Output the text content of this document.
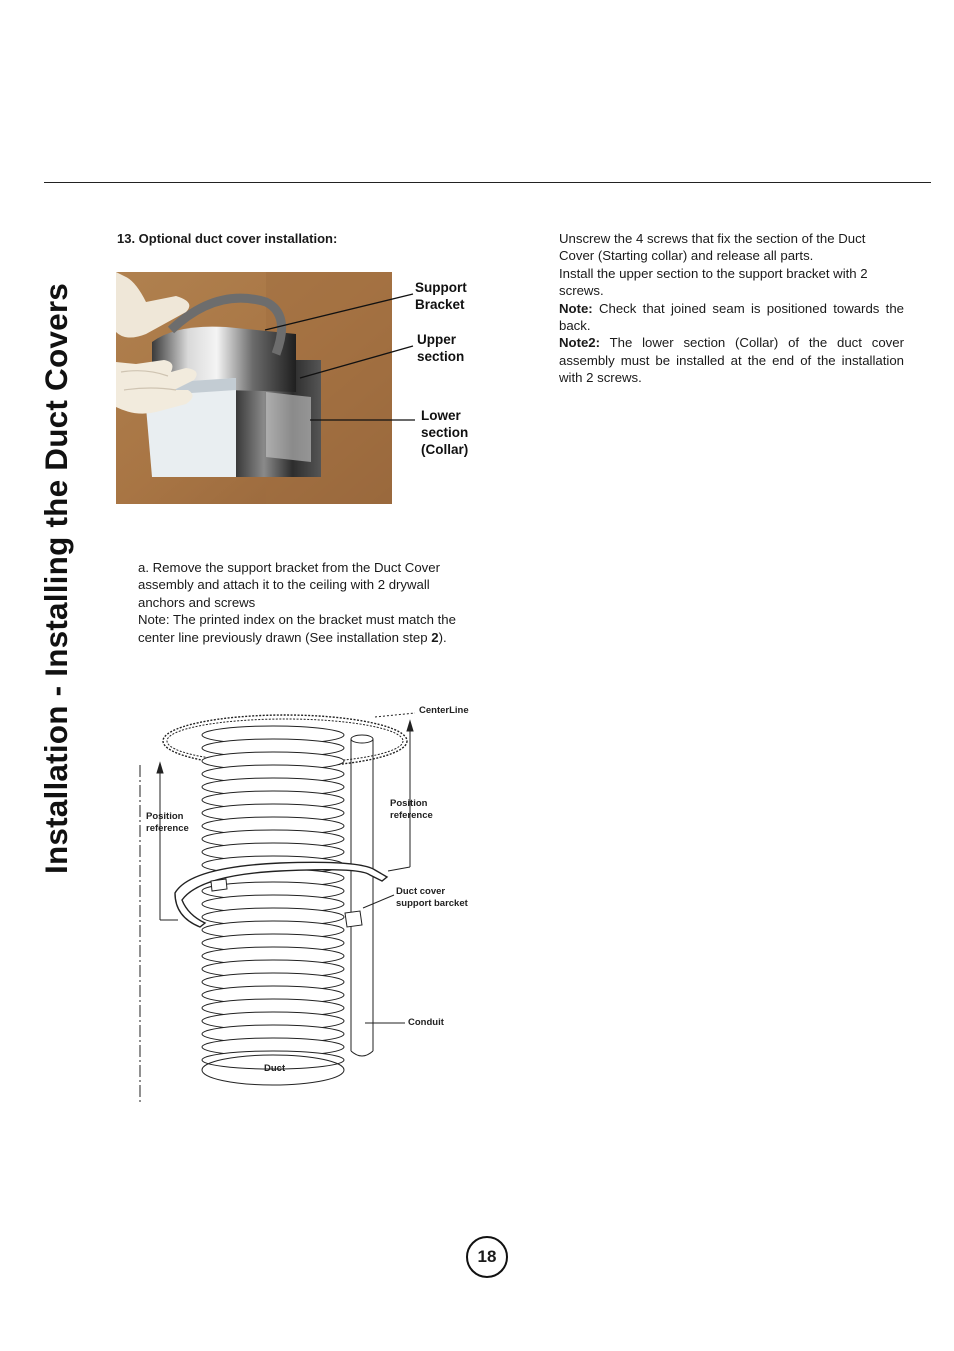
Installation - Installing the Duct Covers
13. Optional duct cover installation:
Support
Bracket
Upper
section
Lower
section
(Collar)

a. Remove the support bracket from the Duct Cover assembly and attach it to the ceiling with 2 drywall anchors and screws

Note: The printed index on the bracket must match the center line previously drawn (See installation step 2).

Unscrew the 4 screws that fix the section of the Duct Cover (Starting collar) and release all parts.

Install the upper section to the support bracket with 2 screws.

Note: Check that joined seam is positioned towards the back.

Note2: The lower section (Collar) of the duct cover assembly must be installed at the end of the installation with 2 screws.

CenterLine
Position
reference
Position
reference
Duct cover
support barcket
Conduit
Duct
18
